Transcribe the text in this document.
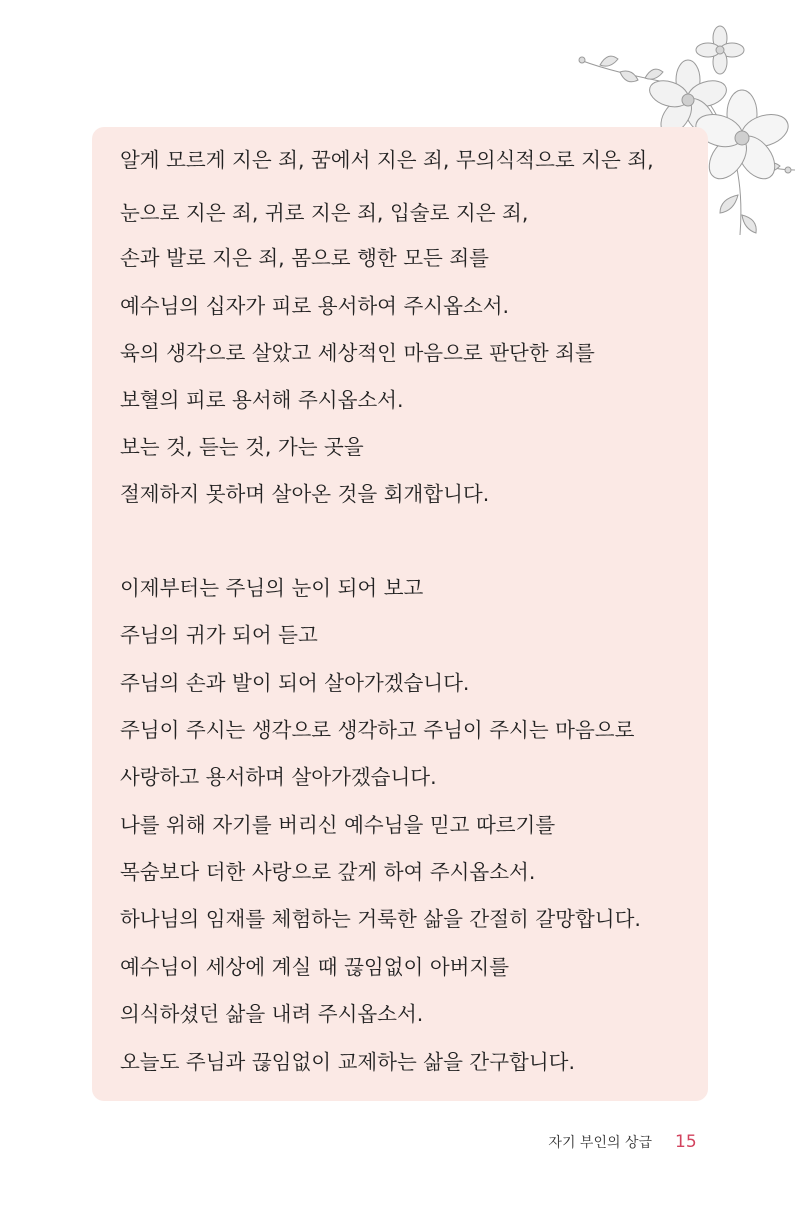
알게 모르게 지은 죄, 꿈에서 지은 죄, 무의식적으로 지은 죄,

눈으로 지은 죄, 귀로 지은 죄, 입술로 지은 죄,

손과 발로 지은 죄, 몸으로 행한 모든 죄를

예수님의 십자가 피로 용서하여 주시옵소서.

육의 생각으로 살았고 세상적인 마음으로 판단한 죄를

보혈의 피로 용서해 주시옵소서.

보는 것, 듣는 것, 가는 곳을

절제하지 못하며 살아온 것을 회개합니다.

이제부터는 주님의 눈이 되어 보고

주님의 귀가 되어 듣고

주님의 손과 발이 되어 살아가겠습니다.

주님이 주시는 생각으로 생각하고 주님이 주시는 마음으로

사랑하고 용서하며 살아가겠습니다.

나를 위해 자기를 버리신 예수님을 믿고 따르기를

목숨보다 더한 사랑으로 갚게 하여 주시옵소서.

하나님의 임재를 체험하는 거룩한 삶을 간절히 갈망합니다.

예수님이 세상에 계실 때 끊임없이 아버지를

의식하셨던 삶을 내려 주시옵소서.

오늘도 주님과 끊임없이 교제하는 삶을 간구합니다.

자기 부인의 상급 15
